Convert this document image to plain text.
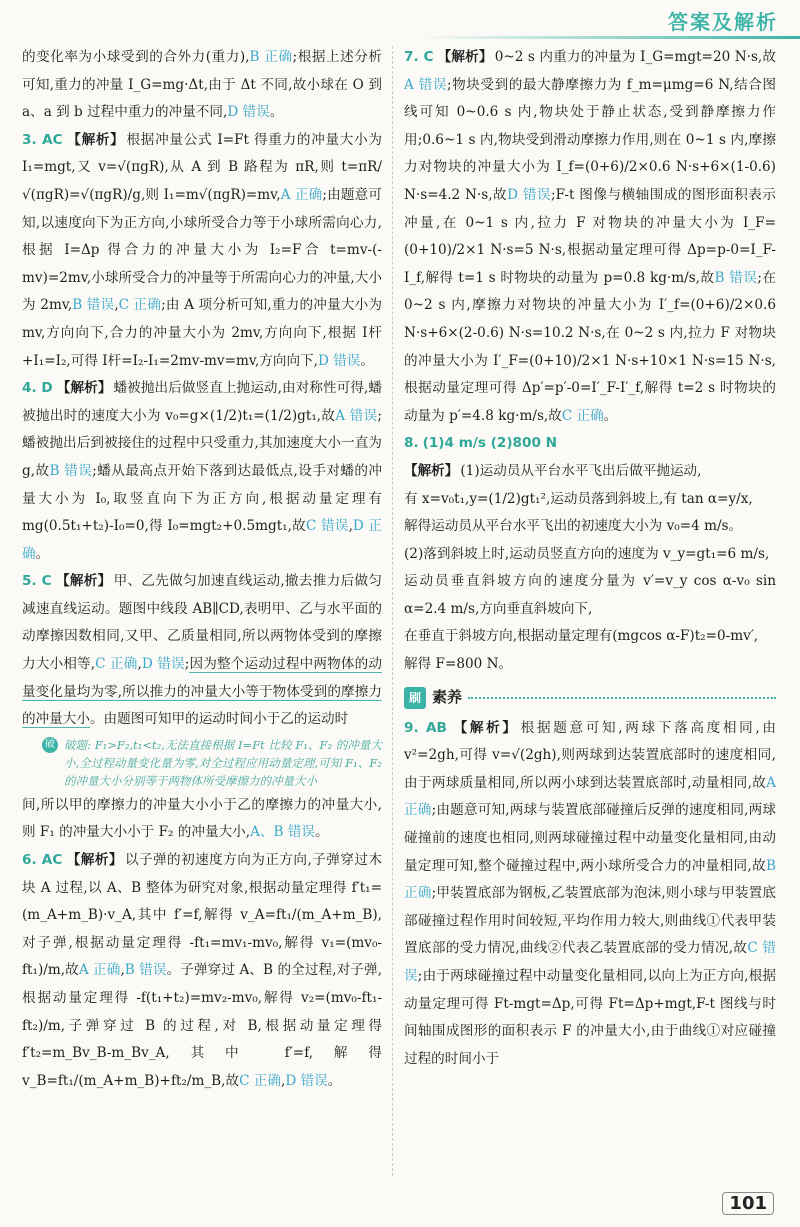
答案及解析

的变化率为小球受到的合外力(重力),B 正确;根据上述分析可知,重力的冲量 I_G=mg·Δt,由于 Δt 不同,故小球在 O 到 a、a 到 b 过程中重力的冲量不同,D 错误。

3. AC 【解析】 根据冲量公式 I=Ft 得重力的冲量大小为 I₁=mgt,又 v=√(πgR),从 A 到 B 路程为 πR,则 t=πR/√(πgR)=√(πgR)/g,则 I₁=m√(πgR)=mv,A 正确;由题意可知,以速度向下为正方向,小球所受合力等于小球所需向心力,根据 I=Δp 得合力的冲量大小为 I₂=F合 t=mv-(-mv)=2mv,小球所受合力的冲量等于所需向心力的冲量,大小为 2mv,B 错误,C 正确;由 A 项分析可知,重力的冲量大小为 mv,方向向下,合力的冲量大小为 2mv,方向向下,根据 I杆+I₁=I₂,可得 I杆=I₂-I₁=2mv-mv=mv,方向向下,D 错误。

4. D 【解析】 蟠被抛出后做竖直上抛运动,由对称性可得,蟠被抛出时的速度大小为 v₀=g×(1/2)t₁=(1/2)gt₁,故A 错误;蟠被抛出后到被接住的过程中只受重力,其加速度大小一直为 g,故B 错误;蟠从最高点开始下落到达最低点,设手对蟠的冲量大小为 I₀,取竖直向下为正方向,根据动量定理有 mg(0.5t₁+t₂)-I₀=0,得 I₀=mgt₂+0.5mgt₁,故C 错误,D 正确。

5. C 【解析】 甲、乙先做匀加速直线运动,撤去推力后做匀减速直线运动。题图中线段 AB∥CD,表明甲、乙与水平面的动摩擦因数相同,又甲、乙质量相同,所以两物体受到的摩擦力大小相等,C 正确,D 错误;因为整个运动过程中两物体的动量变化量均为零,所以推力的冲量大小等于物体受到的摩擦力的冲量大小。由题图可知甲的运动时间小于乙的运动时

破 破题: F₁>F₂,t₁<t₂,无法直接根据 I=Ft 比较 F₁、F₂ 的冲量大小,全过程动量变化量为零,对全过程应用动量定理,可知 F₁、F₂ 的冲量大小分别等于两物体所受摩擦力的冲量大小

间,所以甲的摩擦力的冲量大小小于乙的摩擦力的冲量大小,则 F₁ 的冲量大小小于 F₂ 的冲量大小,A、B 错误。

6. AC 【解析】 以子弹的初速度方向为正方向,子弹穿过木块 A 过程,以 A、B 整体为研究对象,根据动量定理得 f′t₁=(m_A+m_B)·v_A,其中 f′=f,解得 v_A=ft₁/(m_A+m_B),对子弹,根据动量定理得 -ft₁=mv₁-mv₀,解得 v₁=(mv₀-ft₁)/m,故A 正确,B 错误。子弹穿过 A、B 的全过程,对子弹,根据动量定理得 -f(t₁+t₂)=mv₂-mv₀,解得 v₂=(mv₀-ft₁-ft₂)/m,子弹穿过 B 的过程,对 B,根据动量定理得 f′t₂=m_Bv_B-m_Bv_A,其中 f′=f,解得 v_B=ft₁/(m_A+m_B)+ft₂/m_B,故C 正确,D 错误。

7. C 【解析】 0~2 s 内重力的冲量为 I_G=mgt=20 N·s,故A 错误;物块受到的最大静摩擦力为 f_m=μmg=6 N,结合图线可知 0~0.6 s 内,物块处于静止状态,受到静摩擦力作用;0.6~1 s 内,物块受到滑动摩擦力作用,则在 0~1 s 内,摩擦力对物块的冲量大小为 I_f=(0+6)/2×0.6 N·s+6×(1-0.6) N·s=4.2 N·s,故D 错误;F-t 图像与横轴围成的图形面积表示冲量,在 0~1 s 内,拉力 F 对物块的冲量大小为 I_F=(0+10)/2×1 N·s=5 N·s,根据动量定理可得 Δp=p-0=I_F-I_f,解得 t=1 s 时物块的动量为 p=0.8 kg·m/s,故B 错误;在 0~2 s 内,摩擦力对物块的冲量大小为 I′_f=(0+6)/2×0.6 N·s+6×(2-0.6) N·s=10.2 N·s,在 0~2 s 内,拉力 F 对物块的冲量大小为 I′_F=(0+10)/2×1 N·s+10×1 N·s=15 N·s,根据动量定理可得 Δp′=p′-0=I′_F-I′_f,解得 t=2 s 时物块的动量为 p′=4.8 kg·m/s,故C 正确。

8. (1)4 m/s (2)800 N

【解析】 (1)运动员从平台水平飞出后做平抛运动,

有 x=v₀t₁,y=(1/2)gt₁²,运动员落到斜坡上,有 tan α=y/x,

解得运动员从平台水平飞出的初速度大小为 v₀=4 m/s。

(2)落到斜坡上时,运动员竖直方向的速度为 v_y=gt₁=6 m/s,

运动员垂直斜坡方向的速度分量为 v′=v_y cos α-v₀ sin α=2.4 m/s,方向垂直斜坡向下,

在垂直于斜坡方向,根据动量定理有(mgcos α-F)t₂=0-mv′,

解得 F=800 N。

刷 素养

9. AB 【解析】 根据题意可知,两球下落高度相同,由 v²=2gh,可得 v=√(2gh),则两球到达装置底部时的速度相同,由于两球质量相同,所以两小球到达装置底部时,动量相同,故A 正确;由题意可知,两球与装置底部碰撞后反弹的速度相同,两球碰撞前的速度也相同,则两球碰撞过程中动量变化量相同,由动量定理可知,整个碰撞过程中,两小球所受合力的冲量相同,故B 正确;甲装置底部为钢板,乙装置底部为泡沫,则小球与甲装置底部碰撞过程作用时间较短,平均作用力较大,则曲线①代表甲装置底部的受力情况,曲线②代表乙装置底部的受力情况,故C 错误;由于两球碰撞过程中动量变化量相同,以向上为正方向,根据动量定理可得 Ft-mgt=Δp,可得 Ft=Δp+mgt,F-t 图线与时间轴围成图形的面积表示 F 的冲量大小,由于曲线①对应碰撞过程的时间小于

101
